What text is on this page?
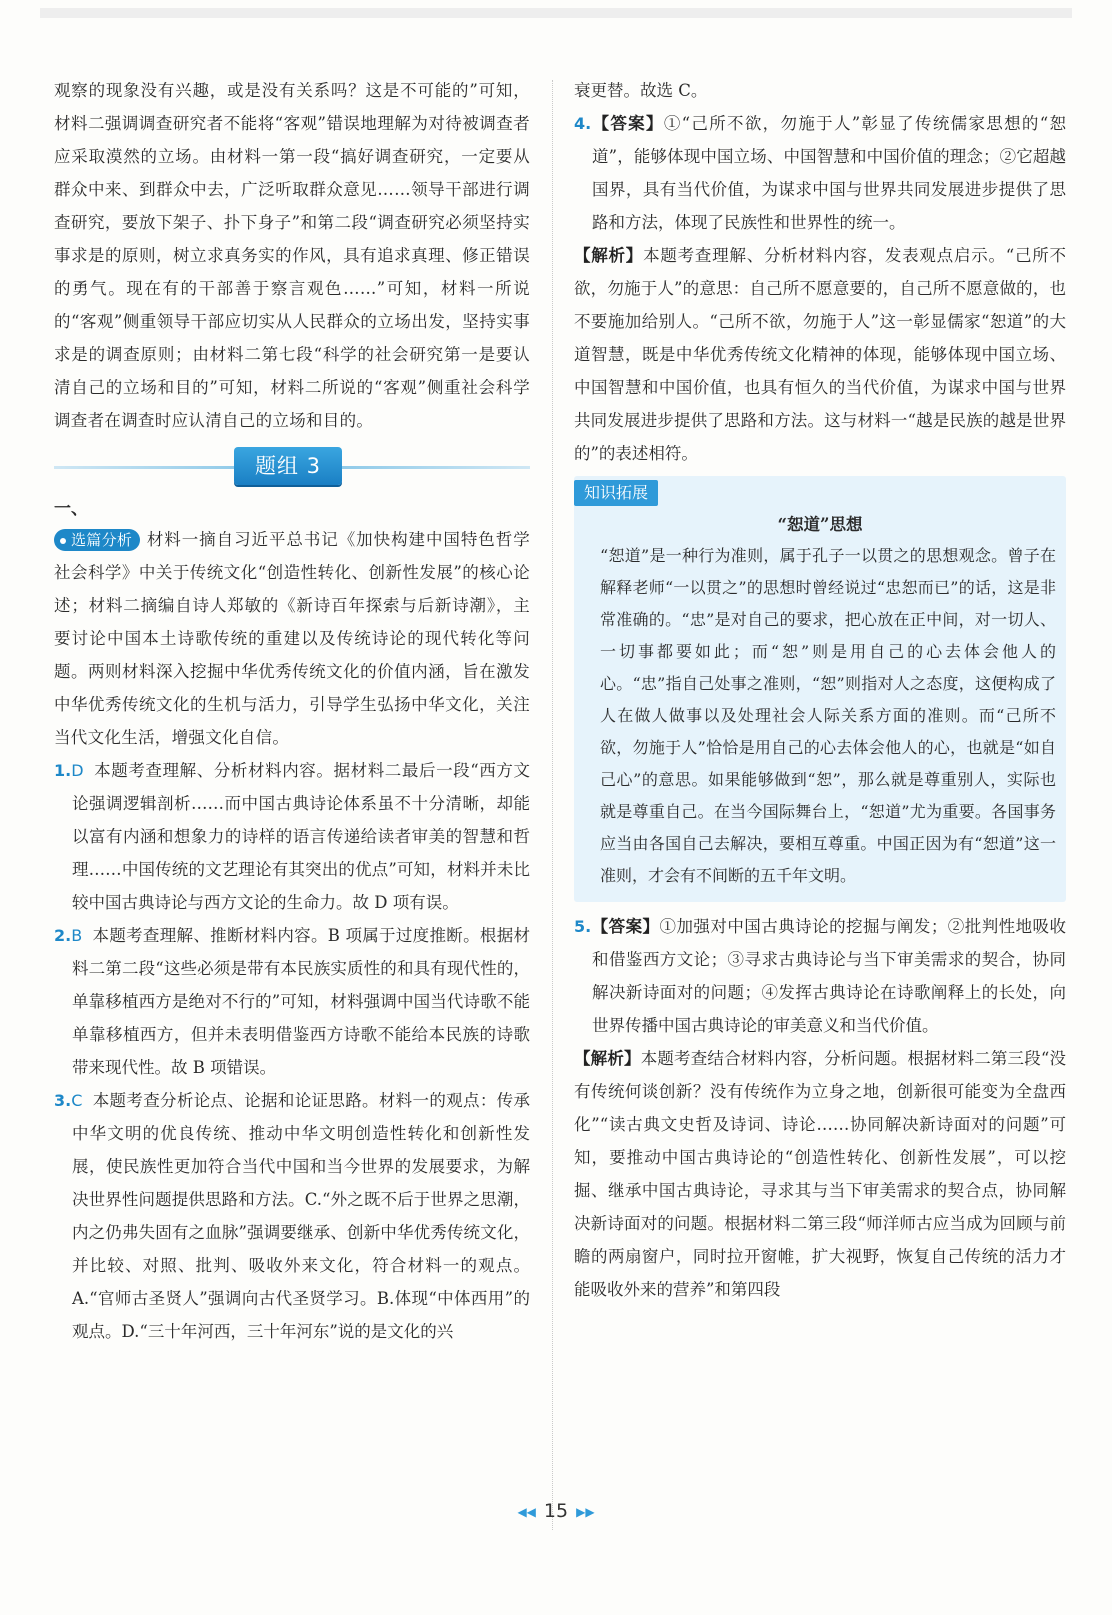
观察的现象没有兴趣，或是没有关系吗？这是不可能的”可知，材料二强调调查研究者不能将“客观”错误地理解为对待被调查者应采取漠然的立场。由材料一第一段“搞好调查研究，一定要从群众中来、到群众中去，广泛听取群众意见……领导干部进行调查研究，要放下架子、扑下身子”和第二段“调查研究必须坚持实事求是的原则，树立求真务实的作风，具有追求真理、修正错误的勇气。现在有的干部善于察言观色……”可知，材料一所说的“客观”侧重领导干部应切实从人民群众的立场出发，坚持实事求是的调查原则；由材料二第七段“科学的社会研究第一是要认清自己的立场和目的”可知，材料二所说的“客观”侧重社会科学调查者在调查时应认清自己的立场和目的。

题组 3

一、

选篇分析 材料一摘自习近平总书记《加快构建中国特色哲学社会科学》中关于传统文化“创造性转化、创新性发展”的核心论述；材料二摘编自诗人郑敏的《新诗百年探索与后新诗潮》，主要讨论中国本土诗歌传统的重建以及传统诗论的现代转化等问题。两则材料深入挖掘中华优秀传统文化的价值内涵，旨在激发中华优秀传统文化的生机与活力，引导学生弘扬中华文化，关注当代文化生活，增强文化自信。

1.D 本题考查理解、分析材料内容。据材料二最后一段“西方文论强调逻辑剖析……而中国古典诗论体系虽不十分清晰，却能以富有内涵和想象力的诗样的语言传递给读者审美的智慧和哲理……中国传统的文艺理论有其突出的优点”可知，材料并未比较中国古典诗论与西方文论的生命力。故 D 项有误。

2.B 本题考查理解、推断材料内容。B 项属于过度推断。根据材料二第二段“这些必须是带有本民族实质性的和具有现代性的，单靠移植西方是绝对不行的”可知，材料强调中国当代诗歌不能单靠移植西方，但并未表明借鉴西方诗歌不能给本民族的诗歌带来现代性。故 B 项错误。

3.C 本题考查分析论点、论据和论证思路。材料一的观点：传承中华文明的优良传统、推动中华文明创造性转化和创新性发展，使民族性更加符合当代中国和当今世界的发展要求，为解决世界性问题提供思路和方法。C.“外之既不后于世界之思潮，内之仍弗失固有之血脉”强调要继承、创新中华优秀传统文化，并比较、对照、批判、吸收外来文化，符合材料一的观点。A.“官师古圣贤人”强调向古代圣贤学习。B.体现“中体西用”的观点。D.“三十年河西，三十年河东”说的是文化的兴

衰更替。故选 C。

4.【答案】①“己所不欲，勿施于人”彰显了传统儒家思想的“恕道”，能够体现中国立场、中国智慧和中国价值的理念；②它超越国界，具有当代价值，为谋求中国与世界共同发展进步提供了思路和方法，体现了民族性和世界性的统一。

【解析】本题考查理解、分析材料内容，发表观点启示。“己所不欲，勿施于人”的意思：自己所不愿意要的，自己所不愿意做的，也不要施加给别人。“己所不欲，勿施于人”这一彰显儒家“恕道”的大道智慧，既是中华优秀传统文化精神的体现，能够体现中国立场、中国智慧和中国价值，也具有恒久的当代价值，为谋求中国与世界共同发展进步提供了思路和方法。这与材料一“越是民族的越是世界的”的表述相符。

知识拓展

“恕道”思想

“恕道”是一种行为准则，属于孔子一以贯之的思想观念。曾子在解释老师“一以贯之”的思想时曾经说过“忠恕而已”的话，这是非常准确的。“忠”是对自己的要求，把心放在正中间，对一切人、一切事都要如此；而“恕”则是用自己的心去体会他人的心。“忠”指自己处事之准则，“恕”则指对人之态度，这便构成了人在做人做事以及处理社会人际关系方面的准则。而“己所不欲，勿施于人”恰恰是用自己的心去体会他人的心，也就是“如自己心”的意思。如果能够做到“恕”，那么就是尊重别人，实际也就是尊重自己。在当今国际舞台上，“恕道”尤为重要。各国事务应当由各国自己去解决，要相互尊重。中国正因为有“恕道”这一准则，才会有不间断的五千年文明。

5.【答案】①加强对中国古典诗论的挖掘与阐发；②批判性地吸收和借鉴西方文论；③寻求古典诗论与当下审美需求的契合，协同解决新诗面对的问题；④发挥古典诗论在诗歌阐释上的长处，向世界传播中国古典诗论的审美意义和当代价值。

【解析】本题考查结合材料内容，分析问题。根据材料二第三段“没有传统何谈创新？没有传统作为立身之地，创新很可能变为全盘西化”“读古典文史哲及诗词、诗论……协同解决新诗面对的问题”可知，要推动中国古典诗论的“创造性转化、创新性发展”，可以挖掘、继承中国古典诗论，寻求其与当下审美需求的契合点，协同解决新诗面对的问题。根据材料二第三段“师洋师古应当成为回顾与前瞻的两扇窗户，同时拉开窗帷，扩大视野，恢复自己传统的活力才能吸收外来的营养”和第四段

◀◀ 15 ▶▶
